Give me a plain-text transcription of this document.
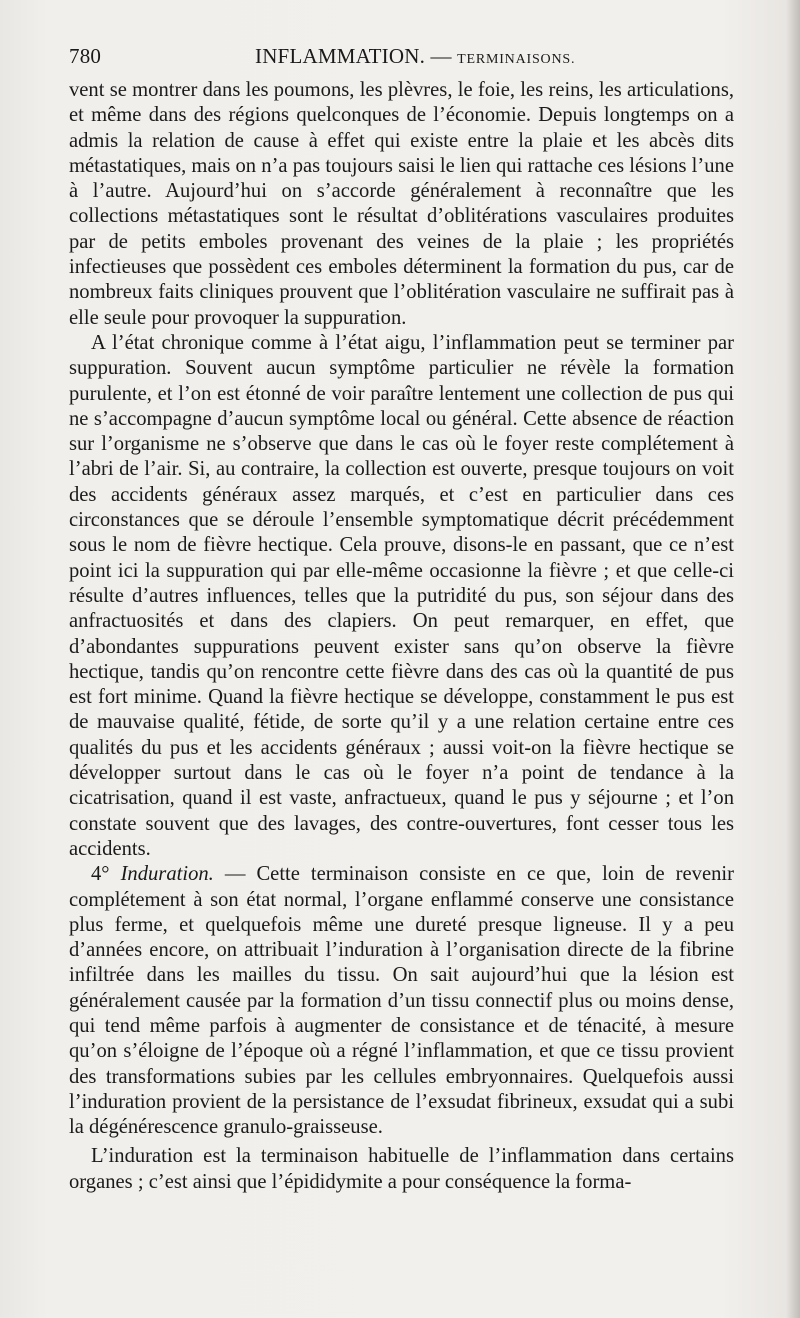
780	INFLAMMATION. — TERMINAISONS.

vent se montrer dans les poumons, les plèvres, le foie, les reins, les articulations, et même dans des régions quelconques de l’économie. Depuis longtemps on a admis la relation de cause à effet qui existe entre la plaie et les abcès dits métastatiques, mais on n’a pas toujours saisi le lien qui rattache ces lésions l’une à l’autre. Aujourd’hui on s’accorde généralement à reconnaître que les collections métastatiques sont le résultat d’oblitérations vasculaires produites par de petits emboles provenant des veines de la plaie ; les propriétés infectieuses que possèdent ces emboles déterminent la formation du pus, car de nombreux faits cliniques prouvent que l’oblitération vasculaire ne suffirait pas à elle seule pour provoquer la suppuration.

A l’état chronique comme à l’état aigu, l’inflammation peut se terminer par suppuration. Souvent aucun symptôme particulier ne révèle la formation purulente, et l’on est étonné de voir paraître lentement une collection de pus qui ne s’accompagne d’aucun symptôme local ou général. Cette absence de réaction sur l’organisme ne s’observe que dans le cas où le foyer reste complétement à l’abri de l’air. Si, au contraire, la collection est ouverte, presque toujours on voit des accidents généraux assez marqués, et c’est en particulier dans ces circonstances que se déroule l’ensemble symptomatique décrit précédemment sous le nom de fièvre hectique. Cela prouve, disons-le en passant, que ce n’est point ici la suppuration qui par elle-même occasionne la fièvre ; et que celle-ci résulte d’autres influences, telles que la putridité du pus, son séjour dans des anfractuosités et dans des clapiers. On peut remarquer, en effet, que d’abondantes suppurations peuvent exister sans qu’on observe la fièvre hectique, tandis qu’on rencontre cette fièvre dans des cas où la quantité de pus est fort minime. Quand la fièvre hectique se développe, constamment le pus est de mauvaise qualité, fétide, de sorte qu’il y a une relation certaine entre ces qualités du pus et les accidents généraux ; aussi voit-on la fièvre hectique se développer surtout dans le cas où le foyer n’a point de tendance à la cicatrisation, quand il est vaste, anfractueux, quand le pus y séjourne ; et l’on constate souvent que des lavages, des contre-ouvertures, font cesser tous les accidents.

4° Induration. — Cette terminaison consiste en ce que, loin de revenir complétement à son état normal, l’organe enflammé conserve une consistance plus ferme, et quelquefois même une dureté presque ligneuse. Il y a peu d’années encore, on attribuait l’induration à l’organisation directe de la fibrine infiltrée dans les mailles du tissu. On sait aujourd’hui que la lésion est généralement causée par la formation d’un tissu connectif plus ou moins dense, qui tend même parfois à augmenter de consistance et de ténacité, à mesure qu’on s’éloigne de l’époque où a régné l’inflammation, et que ce tissu provient des transformations subies par les cellules embryonnaires. Quelquefois aussi l’induration provient de la persistance de l’exsudat fibrineux, exsudat qui a subi la dégénérescence granulo-graisseuse.

L’induration est la terminaison habituelle de l’inflammation dans certains organes ; c’est ainsi que l’épididymite a pour conséquence la forma-
